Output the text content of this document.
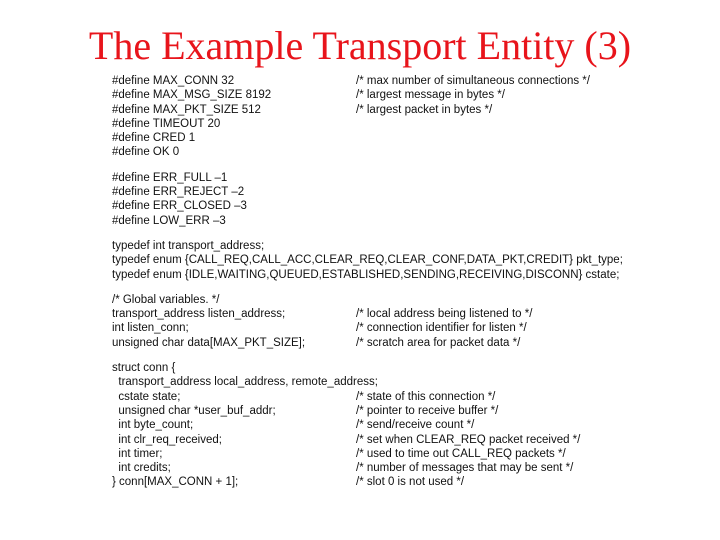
The Example Transport Entity (3)
#define MAX_CONN 32	/* max number of simultaneous connections */
#define MAX_MSG_SIZE 8192	/* largest message in bytes */
#define MAX_PKT_SIZE 512	/* largest packet in bytes */
#define TIMEOUT 20
#define CRED 1
#define OK 0
#define ERR_FULL –1
#define ERR_REJECT –2
#define ERR_CLOSED –3
#define LOW_ERR –3
typedef int transport_address;
typedef enum {CALL_REQ,CALL_ACC,CLEAR_REQ,CLEAR_CONF,DATA_PKT,CREDIT} pkt_type;
typedef enum {IDLE,WAITING,QUEUED,ESTABLISHED,SENDING,RECEIVING,DISCONN} cstate;
/* Global variables. */
transport_address listen_address;	/* local address being listened to */
int listen_conn;	/* connection identifier for listen */
unsigned char data[MAX_PKT_SIZE];	/* scratch area for packet data */
struct conn {
transport_address local_address, remote_address;
cstate state;	/* state of this connection */
unsigned char *user_buf_addr;	/* pointer to receive buffer */
int byte_count;	/* send/receive count */
int clr_req_received;	/* set when CLEAR_REQ packet received */
int timer;	/* used to time out CALL_REQ packets */
int credits;	/* number of messages that may be sent */
} conn[MAX_CONN + 1];	/* slot 0 is not used */
